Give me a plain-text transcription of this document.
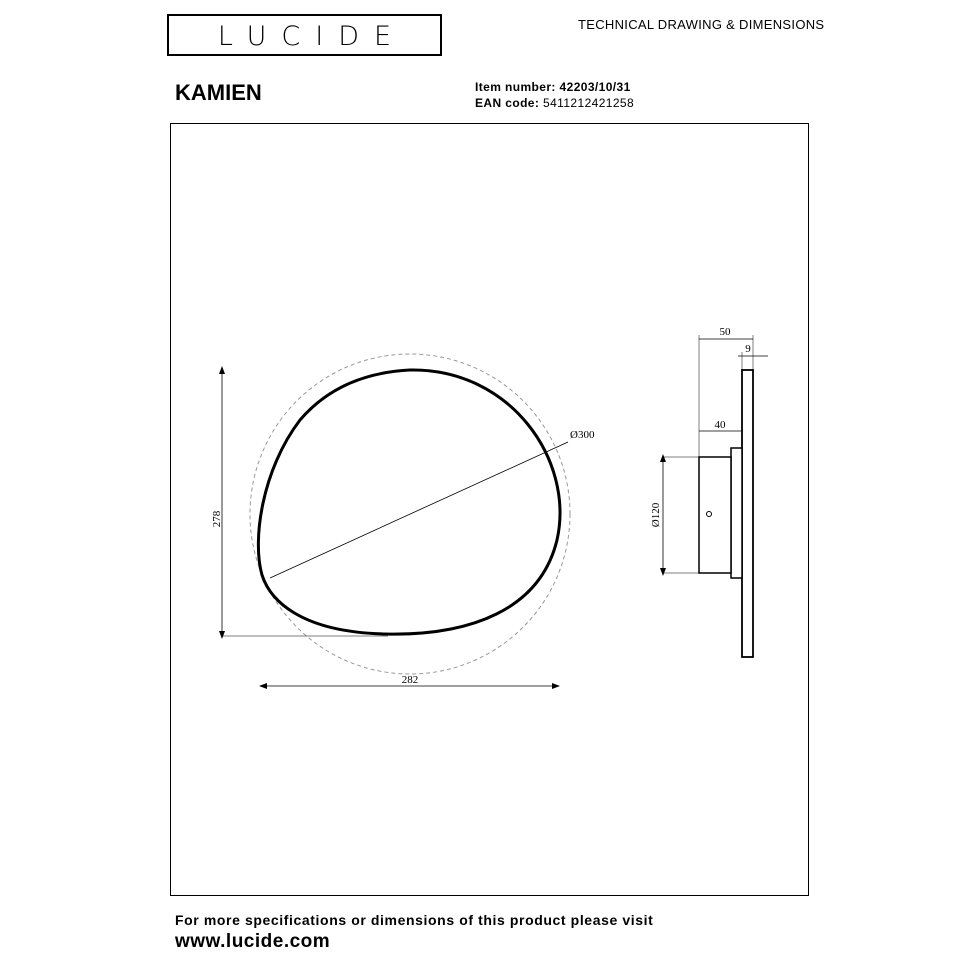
LUCIDE	TECHNICAL DRAWING & DIMENSIONS
KAMIEN	Item number: 42203/10/31
EAN code: 5411212421258
Ø300
278
282
50
9
40
Ø120
For more specifications or dimensions of this product please visit
www.lucide.com
